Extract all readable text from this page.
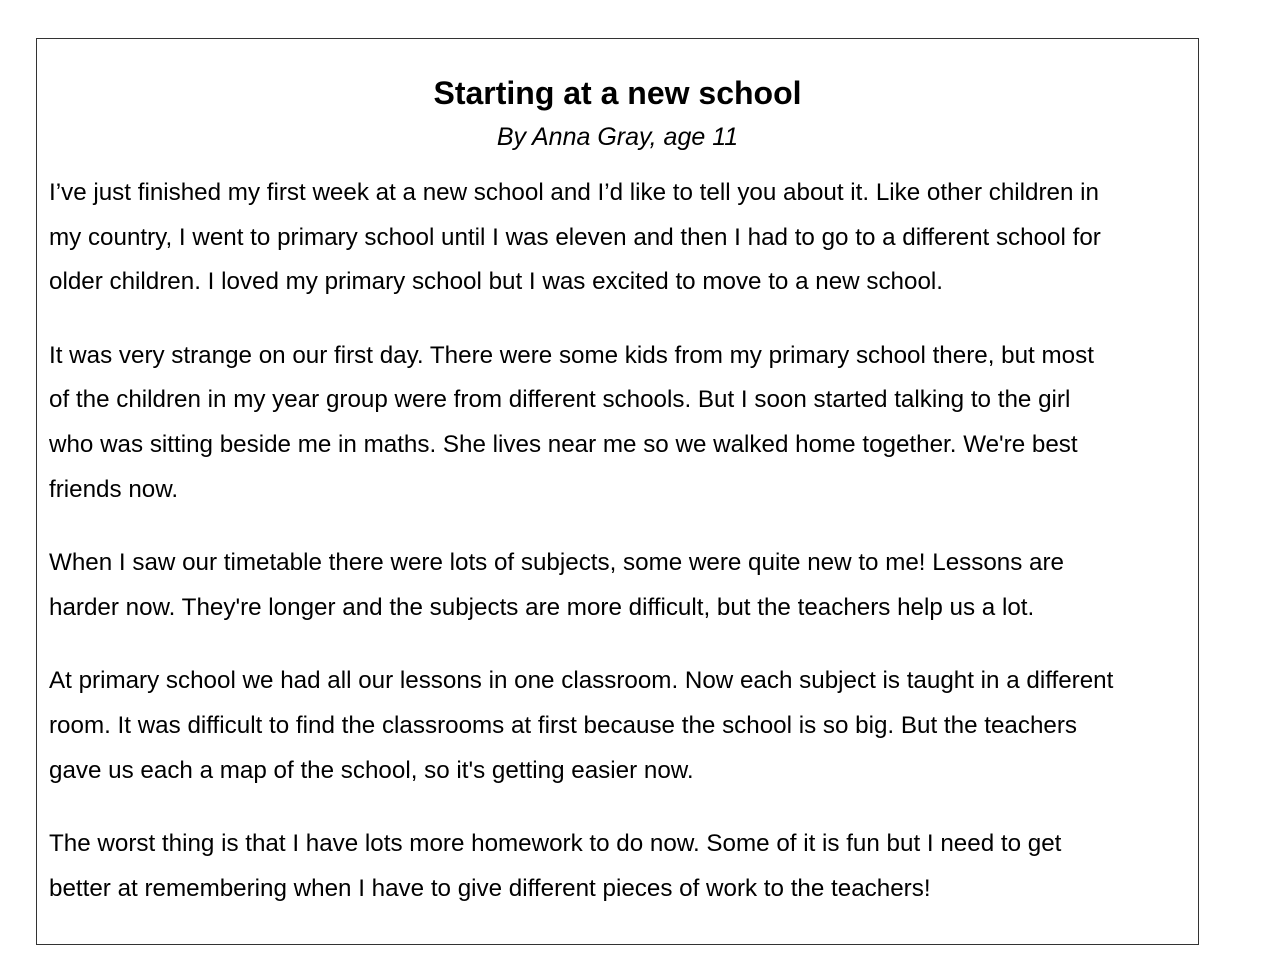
Starting at a new school

By Anna Gray, age 11

I’ve just finished my first week at a new school and I’d like to tell you about it. Like other children in
my country, I went to primary school until I was eleven and then I had to go to a different school for
older children. I loved my primary school but I was excited to move to a new school.

It was very strange on our first day. There were some kids from my primary school there, but most
of the children in my year group were from different schools. But I soon started talking to the girl
who was sitting beside me in maths. She lives near me so we walked home together. We're best
friends now.

When I saw our timetable there were lots of subjects, some were quite new to me! Lessons are
harder now. They're longer and the subjects are more difficult, but the teachers help us a lot.

At primary school we had all our lessons in one classroom. Now each subject is taught in a different
room. It was difficult to find the classrooms at first because the school is so big. But the teachers
gave us each a map of the school, so it's getting easier now.

The worst thing is that I have lots more homework to do now. Some of it is fun but I need to get
better at remembering when I have to give different pieces of work to the teachers!
